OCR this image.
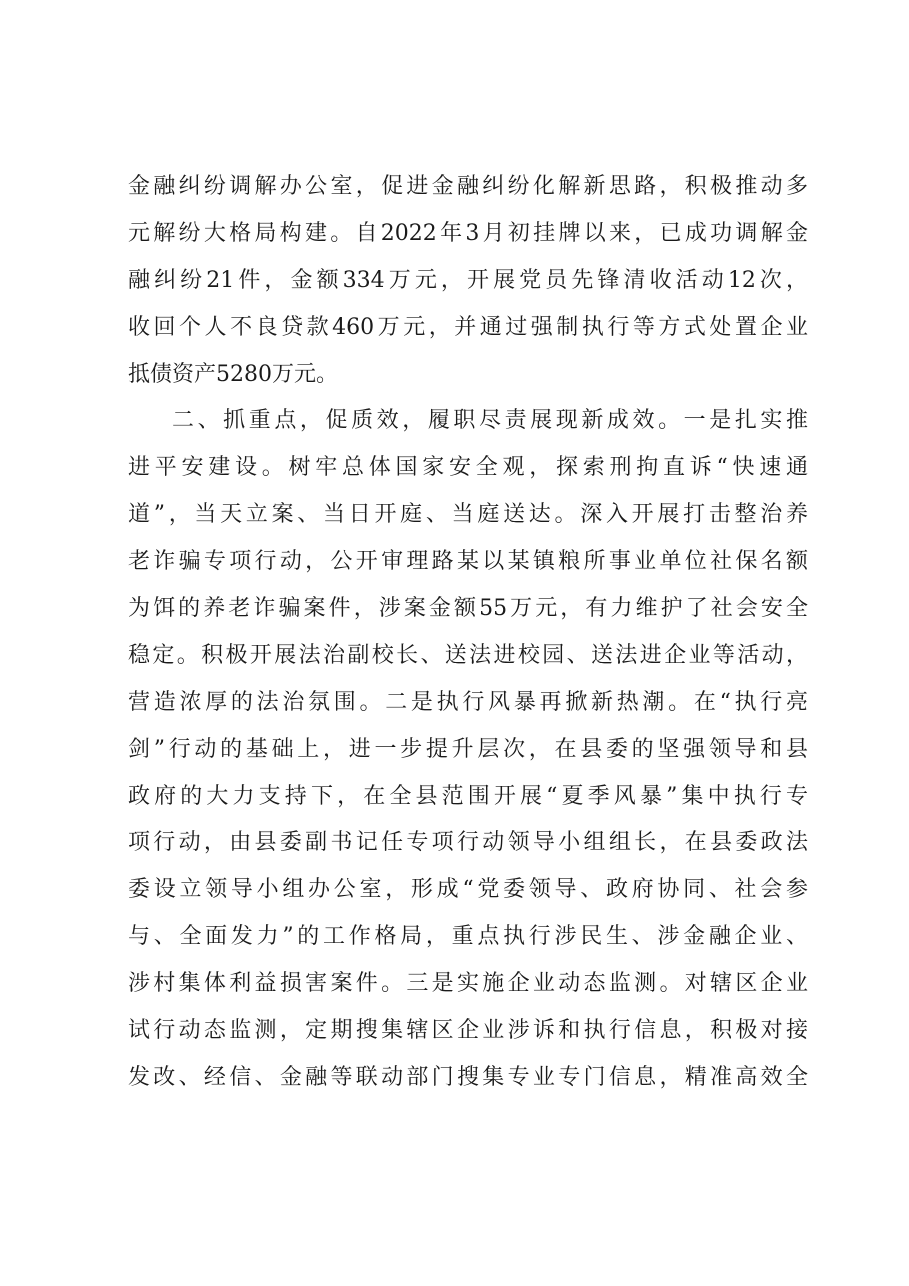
金融纠纷调解办公室，促进金融纠纷化解新思路，积极推动多
元解纷大格局构建。自2022年3月初挂牌以来，已成功调解金
融纠纷21件，金额334万元，开展党员先锋清收活动12次，
收回个人不良贷款460万元，并通过强制执行等方式处置企业
抵债资产5280万元。
二、抓重点，促质效，履职尽责展现新成效。一是扎实推
进平安建设。树牢总体国家安全观，探索刑拘直诉“快速通
道”，当天立案、当日开庭、当庭送达。深入开展打击整治养
老诈骗专项行动，公开审理路某以某镇粮所事业单位社保名额
为饵的养老诈骗案件，涉案金额55万元，有力维护了社会安全
稳定。积极开展法治副校长、送法进校园、送法进企业等活动，
营造浓厚的法治氛围。二是执行风暴再掀新热潮。在“执行亮
剑”行动的基础上，进一步提升层次，在县委的坚强领导和县
政府的大力支持下，在全县范围开展“夏季风暴”集中执行专
项行动，由县委副书记任专项行动领导小组组长，在县委政法
委设立领导小组办公室，形成“党委领导、政府协同、社会参
与、全面发力”的工作格局，重点执行涉民生、涉金融企业、
涉村集体利益损害案件。三是实施企业动态监测。对辖区企业
试行动态监测，定期搜集辖区企业涉诉和执行信息，积极对接
发改、经信、金融等联动部门搜集专业专门信息，精准高效全
